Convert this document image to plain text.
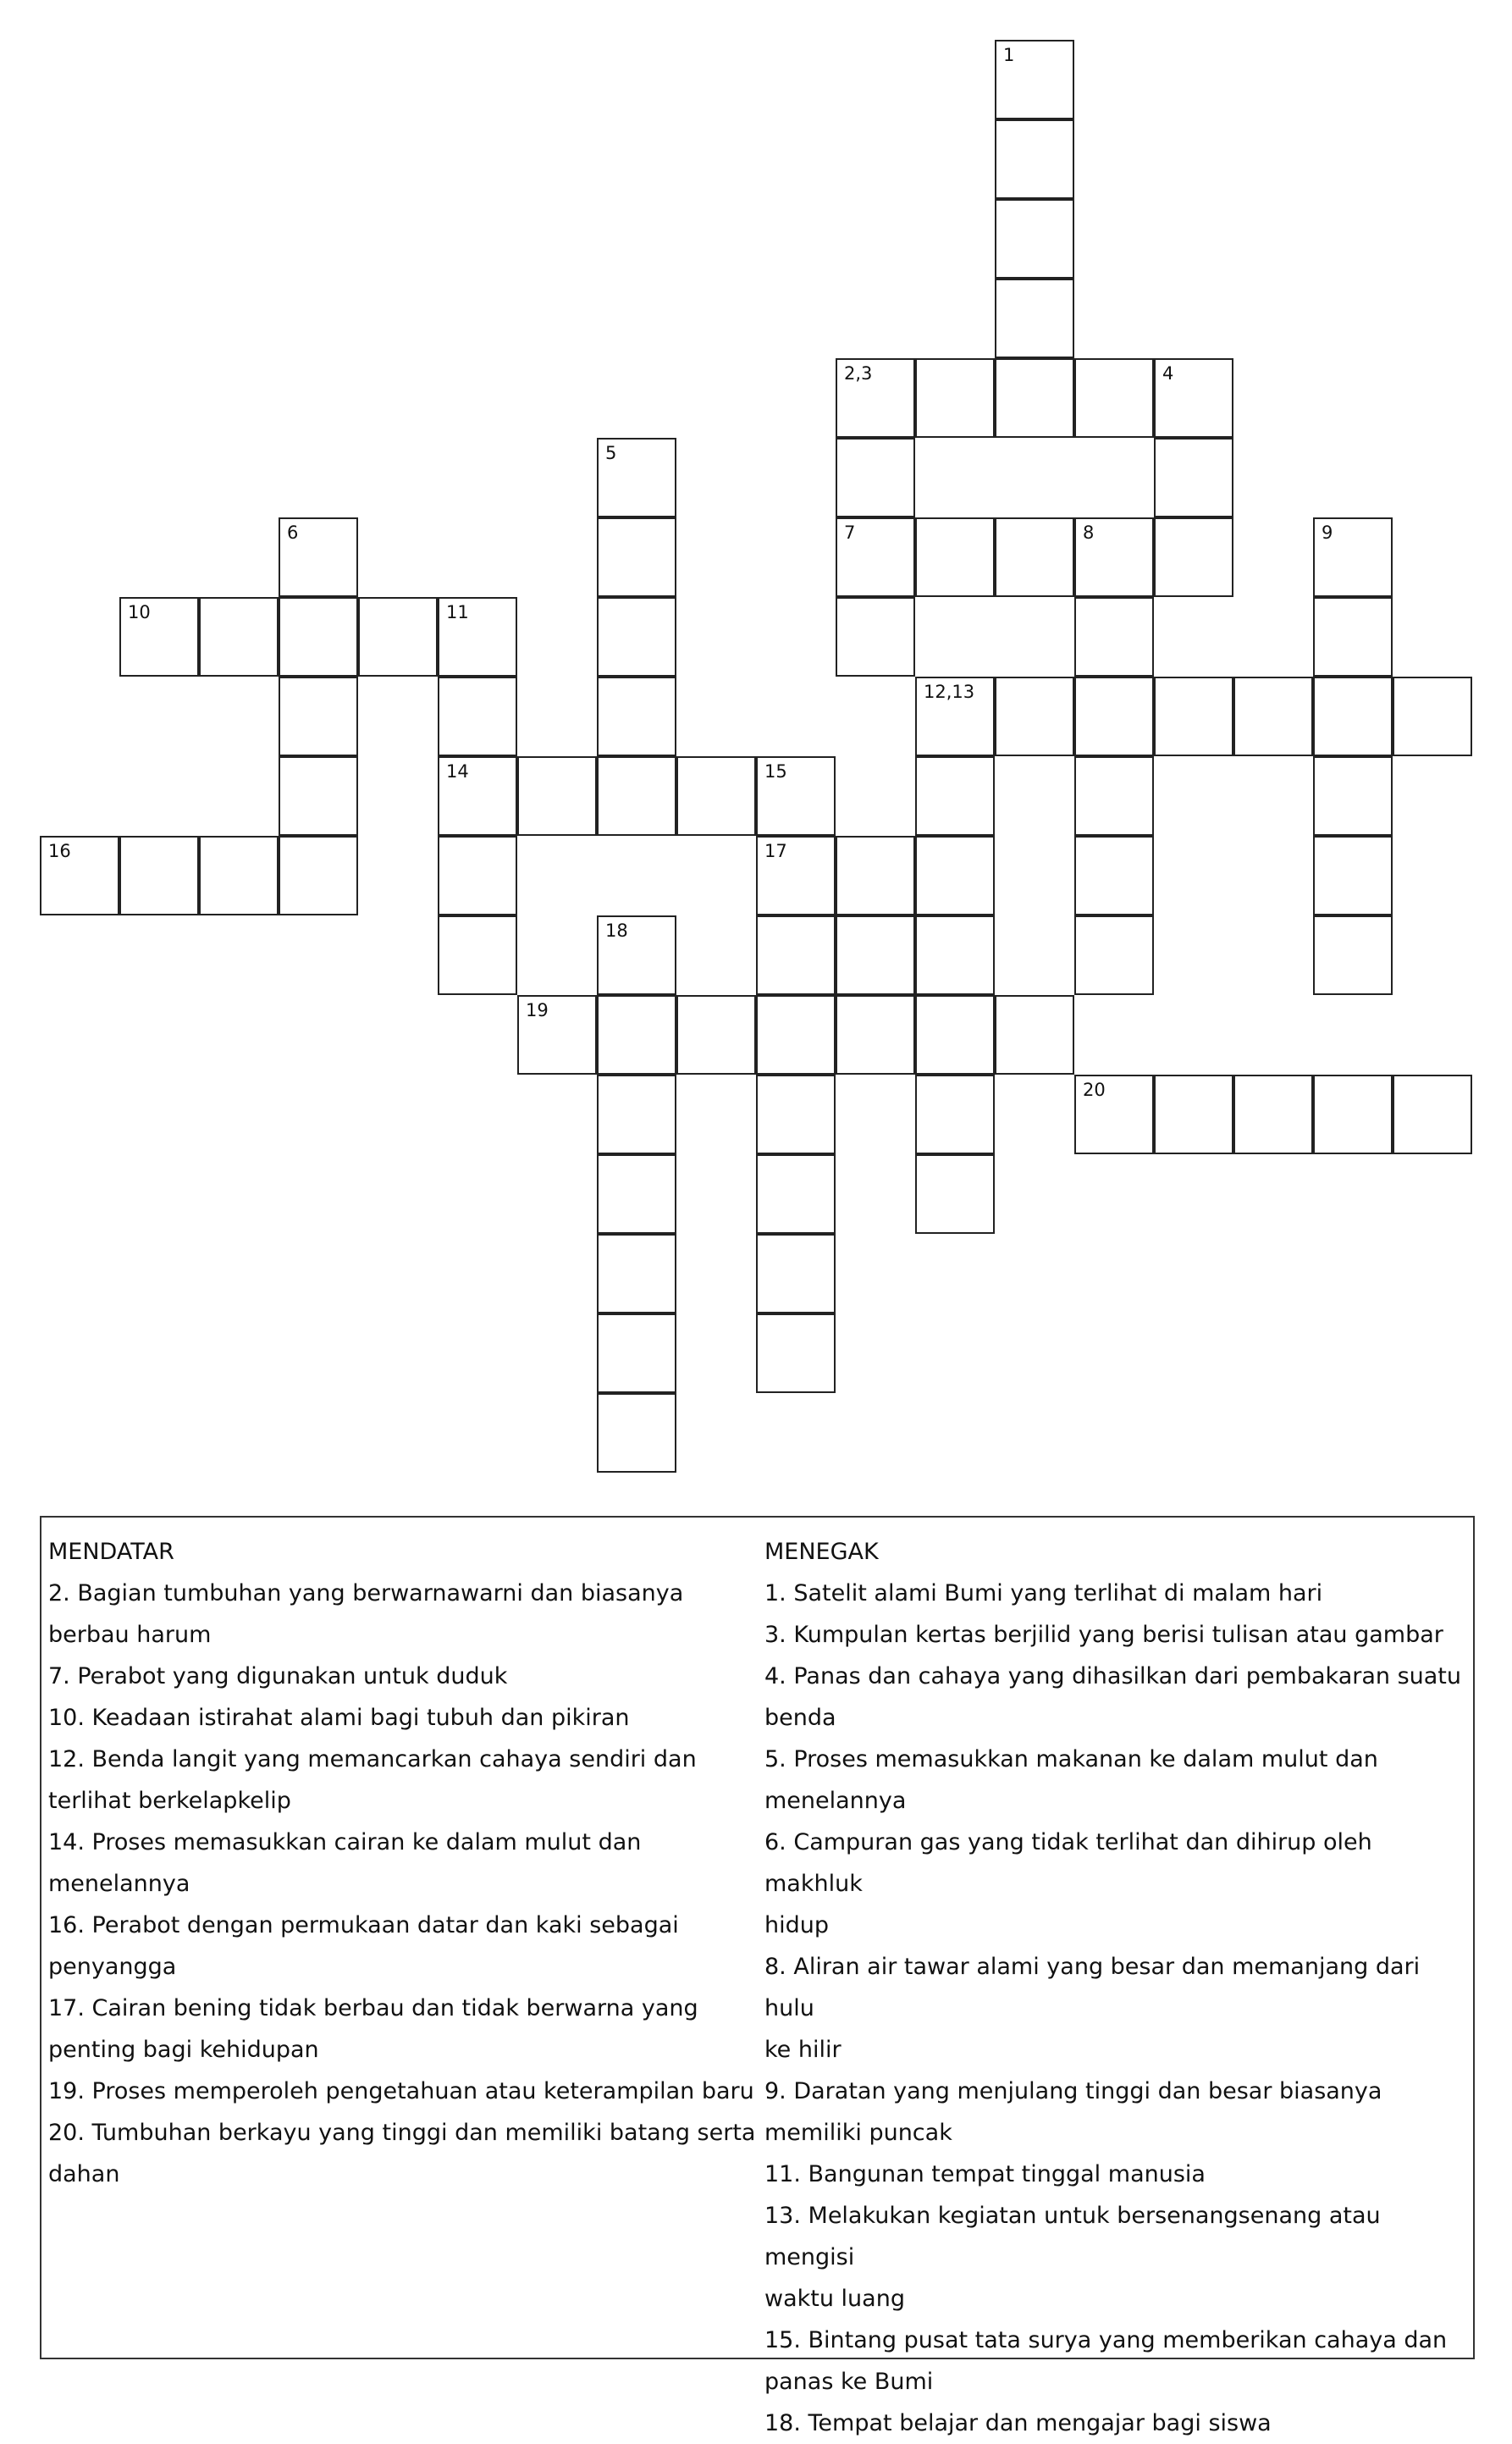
1
2,3	4
5
6	7	8	9
10	11
12,13
14	15
16	17
18
19
20
MENDATAR
2. Bagian tumbuhan yang berwarnawarni dan biasanya
berbau harum
7. Perabot yang digunakan untuk duduk
10. Keadaan istirahat alami bagi tubuh dan pikiran
12. Benda langit yang memancarkan cahaya sendiri dan
terlihat berkelapkelip
14. Proses memasukkan cairan ke dalam mulut dan
menelannya
16. Perabot dengan permukaan datar dan kaki sebagai
penyangga
17. Cairan bening tidak berbau dan tidak berwarna yang
penting bagi kehidupan
19. Proses memperoleh pengetahuan atau keterampilan baru
20. Tumbuhan berkayu yang tinggi dan memiliki batang serta
dahan
MENEGAK
1. Satelit alami Bumi yang terlihat di malam hari
3. Kumpulan kertas berjilid yang berisi tulisan atau gambar
4. Panas dan cahaya yang dihasilkan dari pembakaran suatu
benda
5. Proses memasukkan makanan ke dalam mulut dan
menelannya
6. Campuran gas yang tidak terlihat dan dihirup oleh makhluk
hidup
8. Aliran air tawar alami yang besar dan memanjang dari hulu
ke hilir
9. Daratan yang menjulang tinggi dan besar biasanya
memiliki puncak
11. Bangunan tempat tinggal manusia
13. Melakukan kegiatan untuk bersenangsenang atau mengisi
waktu luang
15. Bintang pusat tata surya yang memberikan cahaya dan
panas ke Bumi
18. Tempat belajar dan mengajar bagi siswa
